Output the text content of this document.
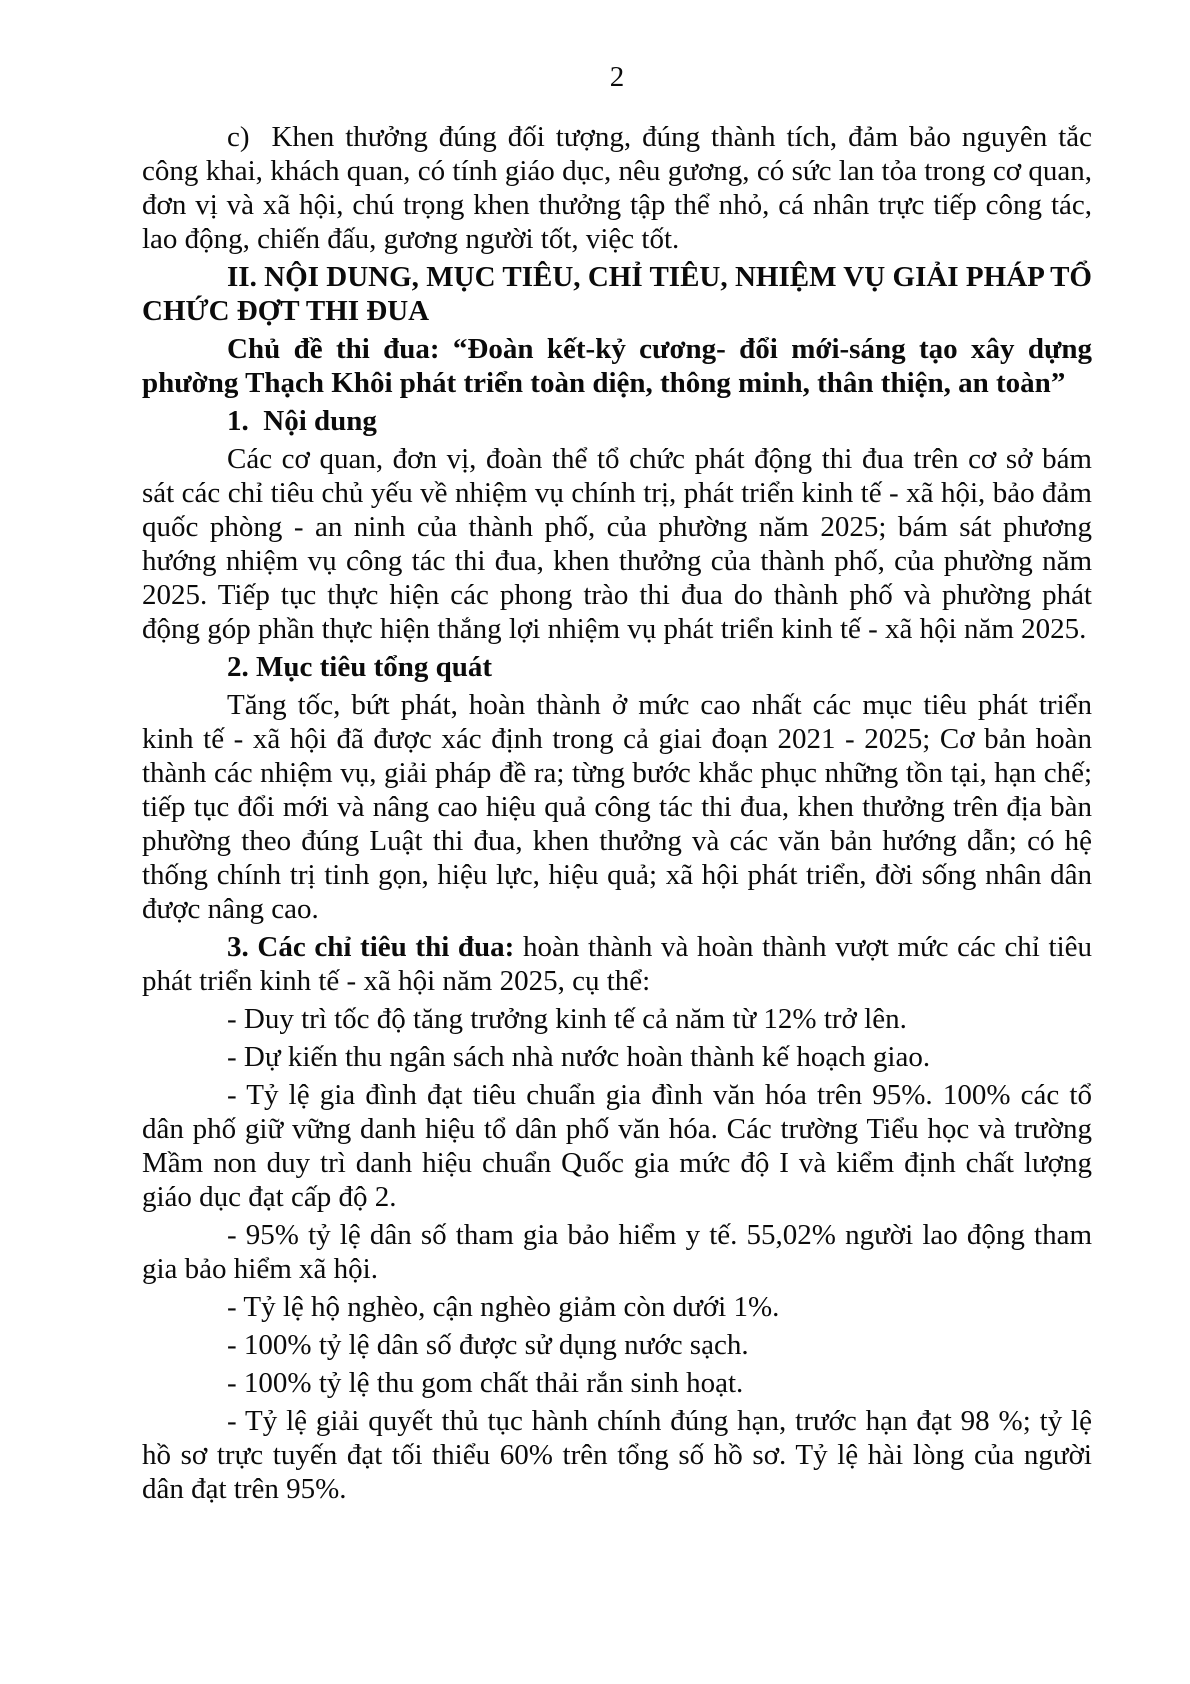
2

c)  Khen thưởng đúng đối tượng, đúng thành tích, đảm bảo nguyên tắc công khai, khách quan, có tính giáo dục, nêu gương, có sức lan tỏa trong cơ quan, đơn vị và xã hội, chú trọng khen thưởng tập thể nhỏ, cá nhân trực tiếp công tác, lao động, chiến đấu, gương người tốt, việc tốt.

II. NỘI DUNG, MỤC TIÊU, CHỈ TIÊU, NHIỆM VỤ GIẢI PHÁP TỔ CHỨC ĐỢT THI ĐUA

Chủ đề thi đua: “Đoàn kết-kỷ cương- đổi mới-sáng tạo xây dựng phường Thạch Khôi phát triển toàn diện, thông minh, thân thiện, an toàn”

1.  Nội dung

Các cơ quan, đơn vị, đoàn thể tổ chức phát động thi đua trên cơ sở bám sát các chỉ tiêu chủ yếu về nhiệm vụ chính trị, phát triển kinh tế - xã hội, bảo đảm quốc phòng - an ninh của thành phố, của phường năm 2025; bám sát phương hướng nhiệm vụ công tác thi đua, khen thưởng của thành phố, của phường năm 2025. Tiếp tục thực hiện các phong trào thi đua do thành phố và phường phát động góp phần thực hiện thắng lợi nhiệm vụ phát triển kinh tế - xã hội năm 2025.

2. Mục tiêu tổng quát

Tăng tốc, bứt phát, hoàn thành ở mức cao nhất các mục tiêu phát triển kinh tế - xã hội đã được xác định trong cả giai đoạn 2021 - 2025; Cơ bản hoàn thành các nhiệm vụ, giải pháp đề ra; từng bước khắc phục những tồn tại, hạn chế; tiếp tục đổi mới và nâng cao hiệu quả công tác thi đua, khen thưởng trên địa bàn phường theo đúng Luật thi đua, khen thưởng và các văn bản hướng dẫn; có hệ thống chính trị tinh gọn, hiệu lực, hiệu quả; xã hội phát triển, đời sống nhân dân được nâng cao.

3. Các chỉ tiêu thi đua: hoàn thành và hoàn thành vượt mức các chỉ tiêu phát triển kinh tế - xã hội năm 2025, cụ thể:

- Duy trì tốc độ tăng trưởng kinh tế cả năm từ 12% trở lên.

- Dự kiến thu ngân sách nhà nước hoàn thành kế hoạch giao.

- Tỷ lệ gia đình đạt tiêu chuẩn gia đình văn hóa trên 95%. 100% các tổ dân phố giữ vững danh hiệu tổ dân phố văn hóa. Các trường Tiểu học và trường Mầm non duy trì danh hiệu chuẩn Quốc gia mức độ I và kiểm định chất lượng giáo dục đạt cấp độ 2.

- 95% tỷ lệ dân số tham gia bảo hiểm y tế. 55,02% người lao động tham gia bảo hiểm xã hội.

- Tỷ lệ hộ nghèo, cận nghèo giảm còn dưới 1%.

- 100% tỷ lệ dân số được sử dụng nước sạch.

- 100% tỷ lệ thu gom chất thải rắn sinh hoạt.

- Tỷ lệ giải quyết thủ tục hành chính đúng hạn, trước hạn đạt 98 %; tỷ lệ hồ sơ trực tuyến đạt tối thiểu 60% trên tổng số hồ sơ. Tỷ lệ hài lòng của người dân đạt trên 95%.
